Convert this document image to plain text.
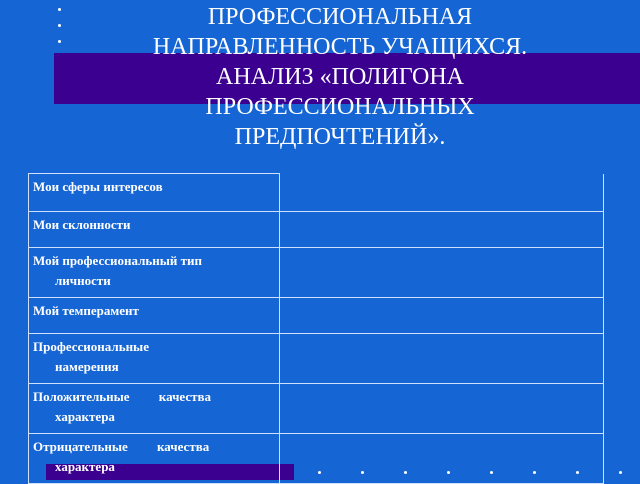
ПРОФЕССИОНАЛЬНАЯ
НАПРАВЛЕННОСТЬ УЧАЩИХСЯ.
АНАЛИЗ «ПОЛИГОНА
ПРОФЕССИОНАЛЬНЫХ
ПРЕДПОЧТЕНИЙ».
Мои сферы интересов	

Мои склонности	

Мой профессиональный тип
личности	

Мой темперамент	

Профессиональные
намерения	

Положительные качества
характера	

Отрицательные качества
характера	
